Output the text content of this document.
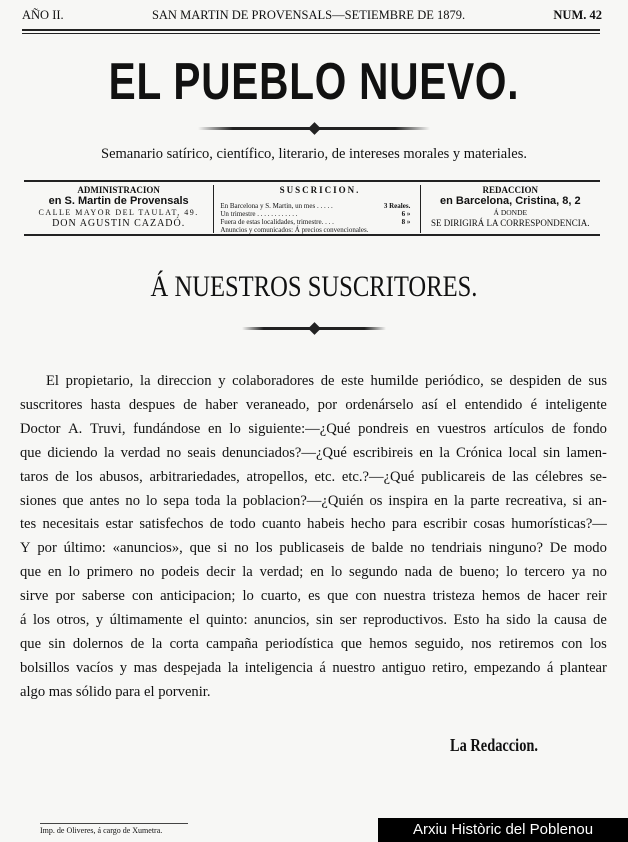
AÑO II.	SAN MARTIN DE PROVENSALS—SETIEMBRE DE 1879.	NUM. 42
EL PUEBLO NUEVO.
Semanario satírico, científico, literario, de intereses morales y materiales.
ADMINISTRACION
en S. Martin de Provensals
CALLE MAYOR DEL TAULAT, 49.
DON AGUSTIN CAZADÓ.
SUSCRICION.
En Barcelona y S. Martin, un mes . . . . .	3 Reales.
Un trimestre . . . . . . . . . . . .	6 »
Fuera de estas localidades, trimestre. . . .	8 »
Anuncios y comunicados: Á precios convencionales.
REDACCION
en Barcelona, Cristina, 8, 2
Á DONDE
SE DIRIGIRÁ LA CORRESPONDENCIA.
Á NUESTROS SUSCRITORES.
El propietario, la direccion y colaboradores de este humilde periódico, se despiden de sus
suscritores hasta despues de haber veraneado, por ordenárselo así el entendido é inteligente
Doctor A. Truvi, fundándose en lo siguiente:—¿Qué pondreis en vuestros artículos de fondo
que diciendo la verdad no seais denunciados?—¿Qué escribireis en la Crónica local sin lamen-
taros de los abusos, arbitrariedades, atropellos, etc. etc.?—¿Qué publicareis de las célebres se-
siones que antes no lo sepa toda la poblacion?—¿Quién os inspira en la parte recreativa, si an-
tes necesitais estar satisfechos de todo cuanto habeis hecho para escribir cosas humorísticas?—
Y por último: «anuncios», que si no los publicaseis de balde no tendriais ninguno? De modo
que en lo primero no podeis decir la verdad; en lo segundo nada de bueno; lo tercero ya no
sirve por saberse con anticipacion; lo cuarto, es que con nuestra tristeza hemos de hacer reir
á los otros, y últimamente el quinto: anuncios, sin ser reproductivos. Esto ha sido la causa de
que sin dolernos de la corta campaña periodística que hemos seguido, nos retiremos con los
bolsillos vacíos y mas despejada la inteligencia á nuestro antiguo retiro, empezando á plantear
algo mas sólido para el porvenir.
La Redaccion.
Imp. de Oliveres, á cargo de Xumetra.	Arxiu Històric del Poblenou
